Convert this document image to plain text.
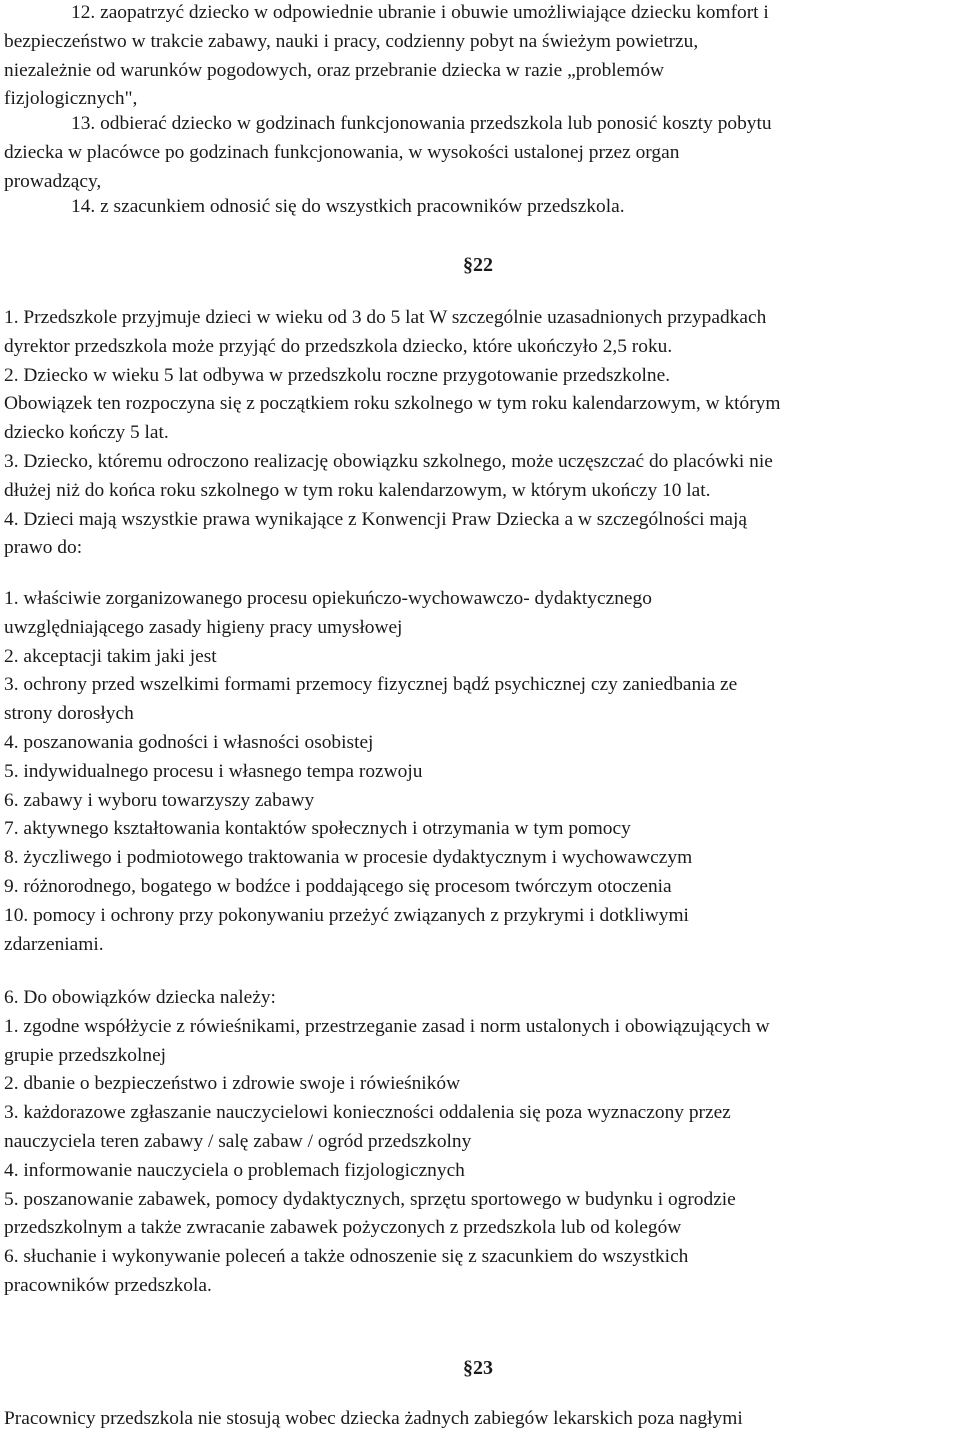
12. zaopatrzyć dziecko w odpowiednie ubranie i obuwie umożliwiające dziecku komfort i
bezpieczeństwo w trakcie zabawy, nauki i pracy, codzienny pobyt na świeżym powietrzu,
niezależnie od warunków pogodowych, oraz przebranie dziecka w razie „problemów
fizjologicznych",
13. odbierać dziecko w godzinach funkcjonowania przedszkola lub ponosić koszty pobytu
dziecka w placówce po godzinach funkcjonowania, w wysokości ustalonej przez organ
prowadzący,
14. z szacunkiem odnosić się do wszystkich pracowników przedszkola.
§22
1. Przedszkole przyjmuje dzieci w wieku od 3 do 5 lat W szczególnie uzasadnionych przypadkach
dyrektor przedszkola może przyjąć do przedszkola dziecko, które ukończyło 2,5 roku.
2. Dziecko w wieku 5 lat odbywa w przedszkolu roczne przygotowanie przedszkolne.
Obowiązek ten rozpoczyna się z początkiem roku szkolnego w tym roku kalendarzowym, w którym
dziecko kończy 5 lat.
3. Dziecko, któremu odroczono realizację obowiązku szkolnego, może uczęszczać do placówki nie
dłużej niż do końca roku szkolnego w tym roku kalendarzowym, w którym ukończy 10 lat.
4. Dzieci mają wszystkie prawa wynikające z Konwencji Praw Dziecka a w szczególności mają
prawo do:
1. właściwie zorganizowanego procesu opiekuńczo-wychowawczo- dydaktycznego
uwzględniającego zasady higieny pracy umysłowej
2. akceptacji takim jaki jest
3. ochrony przed wszelkimi formami przemocy fizycznej bądź psychicznej czy zaniedbania ze
strony dorosłych
4. poszanowania godności i własności osobistej
5. indywidualnego procesu i własnego tempa rozwoju
6. zabawy i wyboru towarzyszy zabawy
7. aktywnego kształtowania kontaktów społecznych i otrzymania w tym pomocy
8. życzliwego i podmiotowego traktowania w procesie dydaktycznym i wychowawczym
9. różnorodnego, bogatego w bodźce i poddającego się procesom twórczym otoczenia
10. pomocy i ochrony przy pokonywaniu przeżyć związanych z przykrymi i dotkliwymi
zdarzeniami.
6. Do obowiązków dziecka należy:
1. zgodne współżycie z rówieśnikami, przestrzeganie zasad i norm ustalonych i obowiązujących w
grupie przedszkolnej
2. dbanie o bezpieczeństwo i zdrowie swoje i rówieśników
3. każdorazowe zgłaszanie nauczycielowi konieczności oddalenia się poza wyznaczony przez
nauczyciela teren zabawy / salę zabaw / ogród przedszkolny
4. informowanie nauczyciela o problemach fizjologicznych
5. poszanowanie zabawek, pomocy dydaktycznych, sprzętu sportowego w budynku i ogrodzie
przedszkolnym a także zwracanie zabawek pożyczonych z przedszkola lub od kolegów
6. słuchanie i wykonywanie poleceń a także odnoszenie się z szacunkiem do wszystkich
pracowników przedszkola.
§23
Pracownicy przedszkola nie stosują wobec dziecka żadnych zabiegów lekarskich poza nagłymi
